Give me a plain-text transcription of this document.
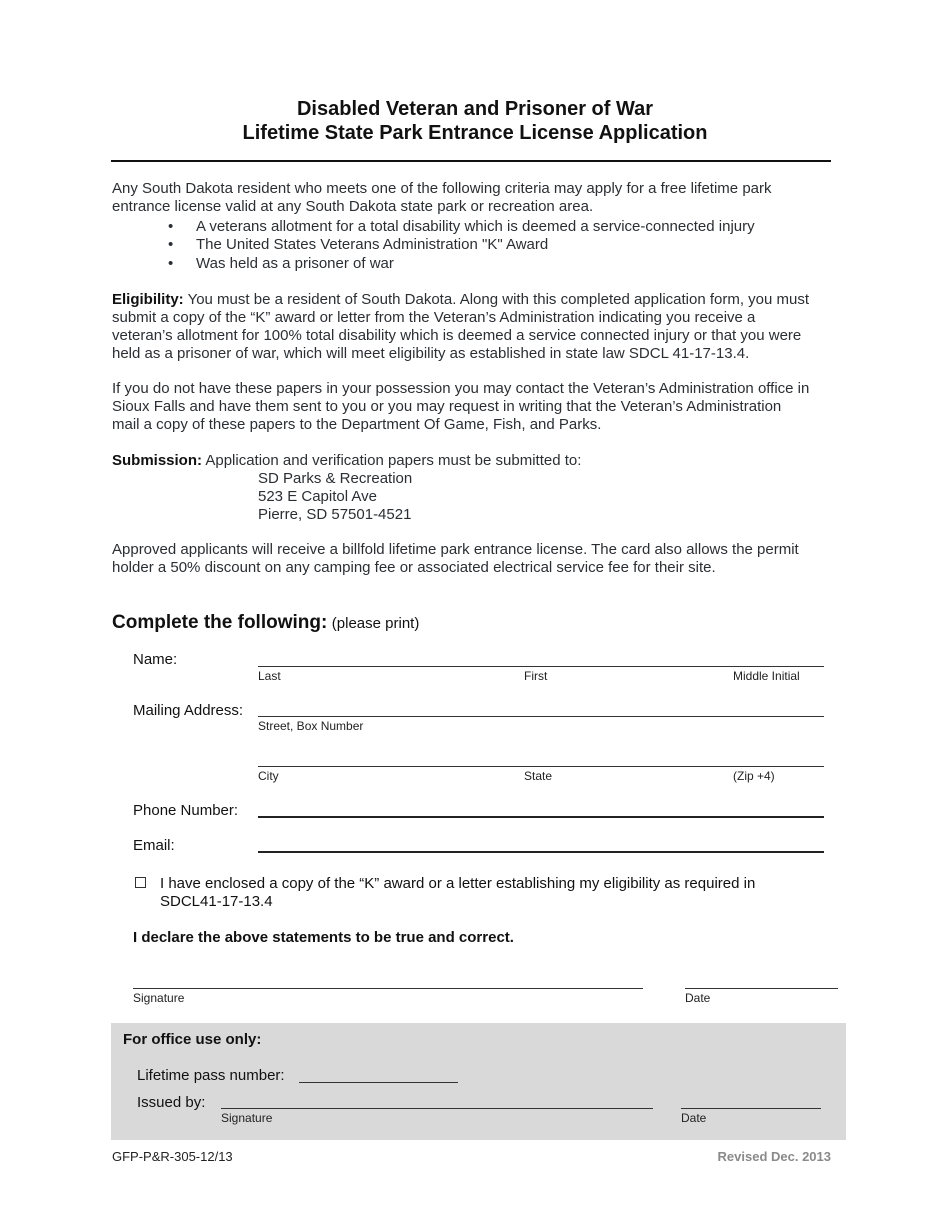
Disabled Veteran and Prisoner of War
Lifetime State Park Entrance License Application
Any South Dakota resident who meets one of the following criteria may apply for a free lifetime park
entrance license valid at any South Dakota state park or recreation area.
• A veterans allotment for a total disability which is deemed a service-connected injury
• The United States Veterans Administration "K" Award
• Was held as a prisoner of war
Eligibility: You must be a resident of South Dakota. Along with this completed application form, you must
submit a copy of the “K” award or letter from the Veteran’s Administration indicating you receive a
veteran’s allotment for 100% total disability which is deemed a service connected injury or that you were
held as a prisoner of war, which will meet eligibility as established in state law SDCL 41-17-13.4.
If you do not have these papers in your possession you may contact the Veteran’s Administration office in
Sioux Falls and have them sent to you or you may request in writing that the Veteran’s Administration
mail a copy of these papers to the Department Of Game, Fish, and Parks.
Submission: Application and verification papers must be submitted to:
SD Parks & Recreation
523 E Capitol Ave
Pierre, SD 57501-4521
Approved applicants will receive a billfold lifetime park entrance license. The card also allows the permit
holder a 50% discount on any camping fee or associated electrical service fee for their site.
Complete the following: (please print)
Name:
Last	First	Middle Initial
Mailing Address:
Street, Box Number
City	State	(Zip +4)
Phone Number:
Email:
I have enclosed a copy of the “K” award or a letter establishing my eligibility as required in
SDCL41-17-13.4
I declare the above statements to be true and correct.
Signature	Date
For office use only:
Lifetime pass number:
Issued by:
Signature	Date
GFP-P&R-305-12/13	Revised Dec. 2013
